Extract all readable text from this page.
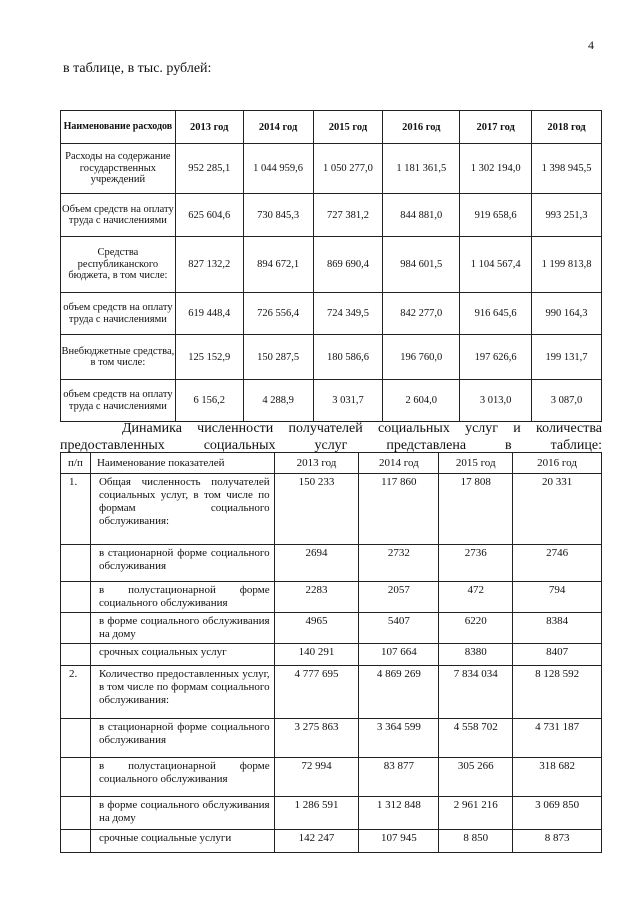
4
в таблице, в тыс. рублей:
Наименование расходов	2013 год	2014 год	2015 год	2016 год	2017 год	2018 год
Расходы на содержание государственных учреждений	952 285,1	1 044 959,6	1 050 277,0	1 181 361,5	1 302 194,0	1 398 945,5
Объем средств на оплату труда с начислениями	625 604,6	730 845,3	727 381,2	844 881,0	919 658,6	993 251,3
Средства республиканского бюджета, в том числе:	827 132,2	894 672,1	869 690,4	984 601,5	1 104 567,4	1 199 813,8
объем средств на оплату труда с начислениями	619 448,4	726 556,4	724 349,5	842 277,0	916 645,6	990 164,3
Внебюджетные средства, в том числе:	125 152,9	150 287,5	180 586,6	196 760,0	197 626,6	199 131,7
объем средств на оплату труда с начислениями	6 156,2	4 288,9	3 031,7	2 604,0	3 013,0	3 087,0

Динамика численности получателей социальных услуг и количества

предоставленных социальных услуг представлена в таблице:

п/п	Наименование показателей	2013 год	2014 год	2015 год	2016 год
1.	Общая численность получателей социальных услуг, в том числе по формам социального обслуживания:	150 233	117 860	17 808	20 331
	в стационарной форме социального обслуживания	2694	2732	2736	2746
	в полустационарной форме социального обслуживания	2283	2057	472	794
	в форме социального обслуживания на дому	4965	5407	6220	8384
	срочных социальных услуг	140 291	107 664	8380	8407
2.	Количество предоставленных услуг, в том числе по формам социального обслуживания:	4 777 695	4 869 269	7 834 034	8 128 592
	в стационарной форме социального обслуживания	3 275 863	3 364 599	4 558 702	4 731 187
	в полустационарной форме социального обслуживания	72 994	83 877	305 266	318 682
	в форме социального обслуживания на дому	1 286 591	1 312 848	2 961 216	3 069 850
	срочные социальные услуги	142 247	107 945	8 850	8 873
